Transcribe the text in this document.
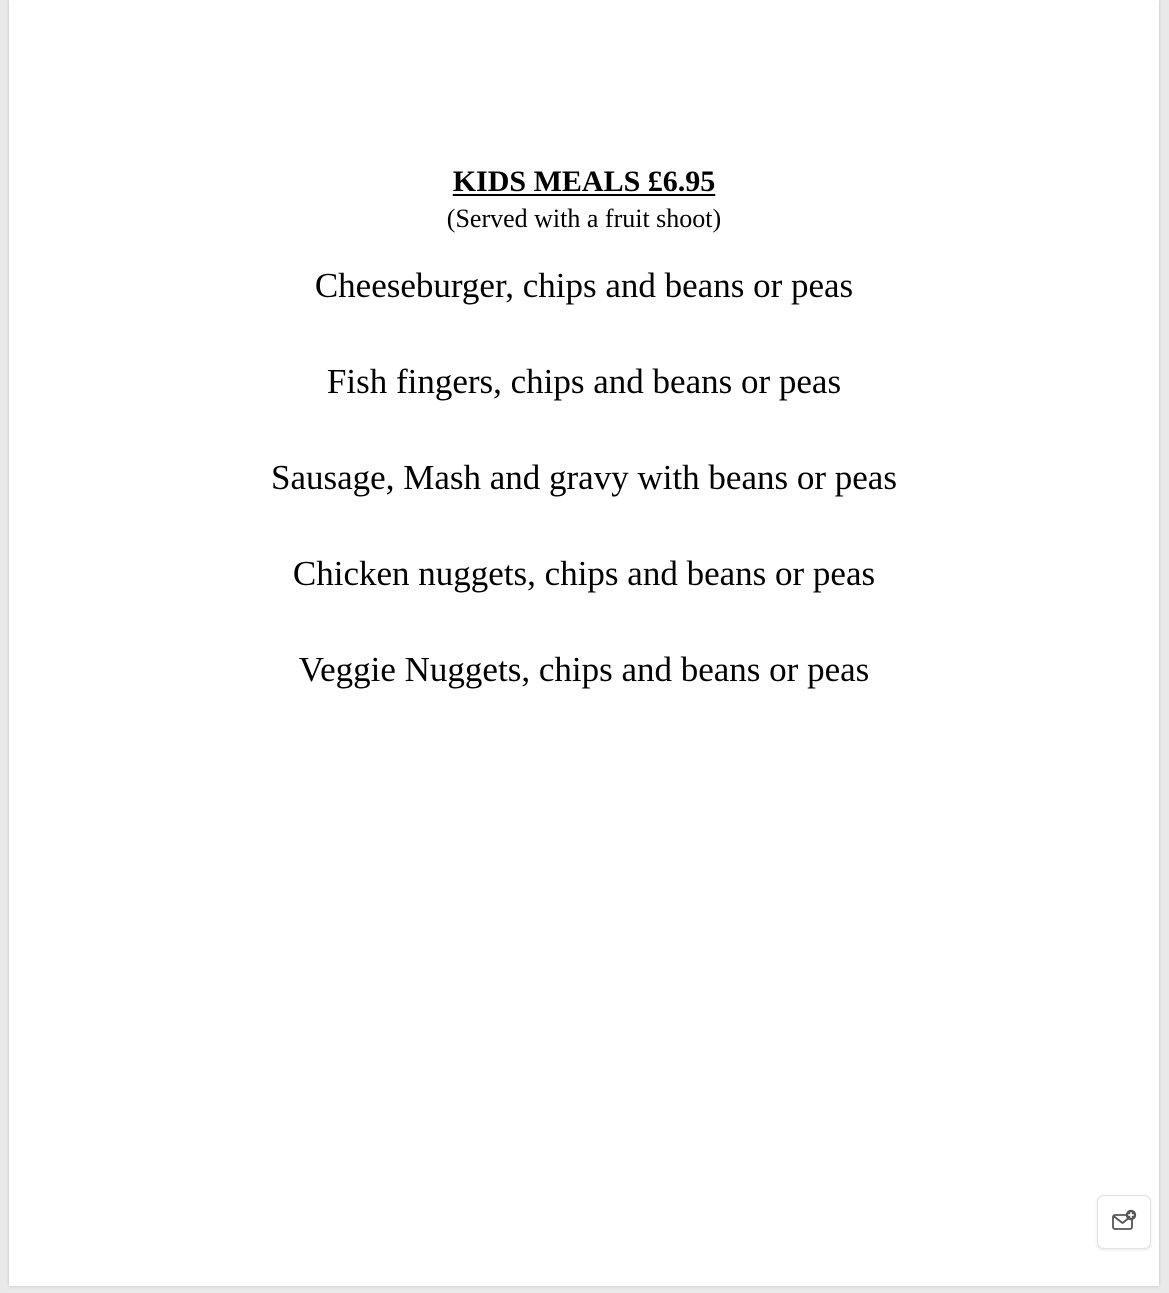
KIDS MEALS £6.95
(Served with a fruit shoot)
Cheeseburger, chips and beans or peas
Fish fingers, chips and beans or peas
Sausage, Mash and gravy with beans or peas
Chicken nuggets, chips and beans or peas
Veggie Nuggets, chips and beans or peas
